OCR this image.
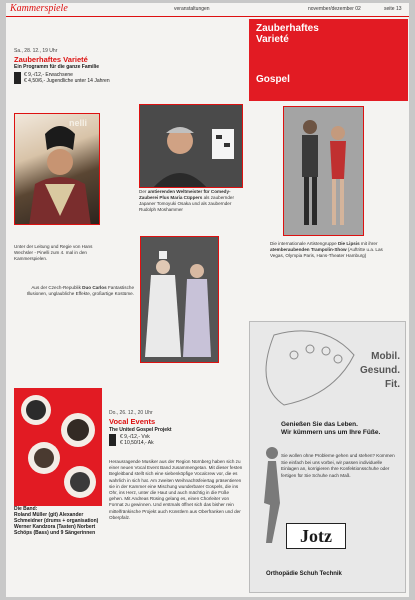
Kammerspiele	veranstaltungen	november/dezember 02	seite 13
Zauberhaftes
Varieté
Gospel
Sa., 28. 12., 19 Uhr
Zauberhaftes Varieté
Ein Programm für die ganze Familie
€ 9,-/12,- Erwachsene
€ 4,50/6,- Jugendliche unter 14 Jahren
nelli
Unter der Leitung und Regie von Hans Wechsler - Pinelli zum 4. mal in den Kammerspielen.
Der amtierenden Weltmeister für Comedy-Zauberei Plus Maria Cüppers als zaubernder Japaner Tomoyuki Osaka und als zaubernder Rudolph Moshammer
Die internationale Artistengruppe Die Lipsis mit ihrer atemberaubenden Trampolin-Show (Auftritte u.a. Las Vegas, Olympia Paris, Hans-Theater Hamburg)
Aus der Czech-Republik Duo Carlos Fantastische Illusionen, unglaubliche Effekte, großartige Kostüme.
Die Band:
Roland Müller (git) Alexander Schmeidner (drums + organisation) Werner Kandzora (Tasten) Norbert Schöps (Bass) und 9 Sängerinnen
Do., 26. 12., 20 Uhr
Vocal Events
The United Gospel Projekt
€ 9,-/12,- Vvk
€ 10,50/14,- Ak
Herausragende Musiker aus der Region Nürnberg haben sich zu einer neuen Vocal Event Band zusammengetan. Mit dieser festen Begleitband stellt sich eine siebenköpfige Vocalcrew vor, die es wahrlich in sich hat. Am zweiten Weihnachtsfeiertag präsentieren sie in der Kammer eine Mischung wunderbarer Gospels, die ins Ohr, ins Herz, unter die Haut und auch mächtig in die Füße gehen. Mit Andreas Rüsing gelang es, einen Chorleiter von Format zu gewinnen. Und erstmals öffnet sich das bisher rein mittelfränkische Projekt auch Künstlern aus Oberfranken und der Oberpfalz.
Mobil.
Gesund.
Fit.
Genießen Sie das Leben.
Wir kümmern uns um Ihre Füße.
Sie wollen ohne Probleme gehen und stehen? Kommen Sie einfach bei uns vorbei, wir passen individuelle Einlagen an, korrigieren Ihre Konfektionsschuhe oder fertigen für Sie Schuhe nach Maß.
Jotz
Orthopädie Schuh Technik
